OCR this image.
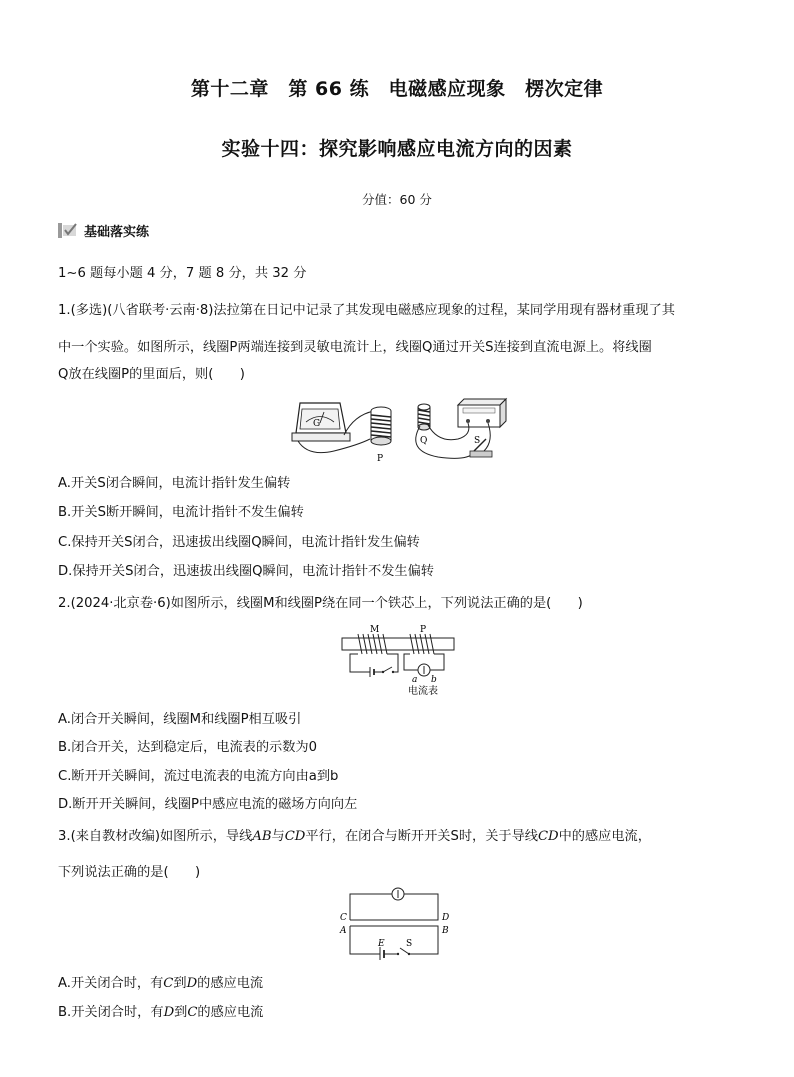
第十二章　第 66 练　电磁感应现象　楞次定律
实验十四：探究影响感应电流方向的因素
分值：60 分
基础落实练
1~6 题每小题 4 分，7 题 8 分，共 32 分
1.(多选)(八省联考·云南·8)法拉第在日记中记录了其发现电磁感应现象的过程，某同学用现有器材重现了其
中一个实验。如图所示，线圈P两端连接到灵敏电流计上，线圈Q通过开关S连接到直流电源上。将线圈
Q放在线圈P的里面后，则(　　)
G
P
Q	S
A.开关S闭合瞬间，电流计指针发生偏转
B.开关S断开瞬间，电流计指针不发生偏转
C.保持开关S闭合，迅速拔出线圈Q瞬间，电流计指针发生偏转
D.保持开关S闭合，迅速拔出线圈Q瞬间，电流计指针不发生偏转
2.(2024·北京卷·6)如图所示，线圈M和线圈P绕在同一个铁芯上，下列说法正确的是(　　)
M	P
a b
电流表
A.闭合开关瞬间，线圈M和线圈P相互吸引
B.闭合开关，达到稳定后，电流表的示数为0
C.断开开关瞬间，流过电流表的电流方向由a到b
D.断开开关瞬间，线圈P中感应电流的磁场方向向左
3.(来自教材改编)如图所示，导线AB与CD平行，在闭合与断开开关S时，关于导线CD中的感应电流，
下列说法正确的是(　　)
C	D
A	B
E S
A.开关闭合时，有C到D的感应电流
B.开关闭合时，有D到C的感应电流
